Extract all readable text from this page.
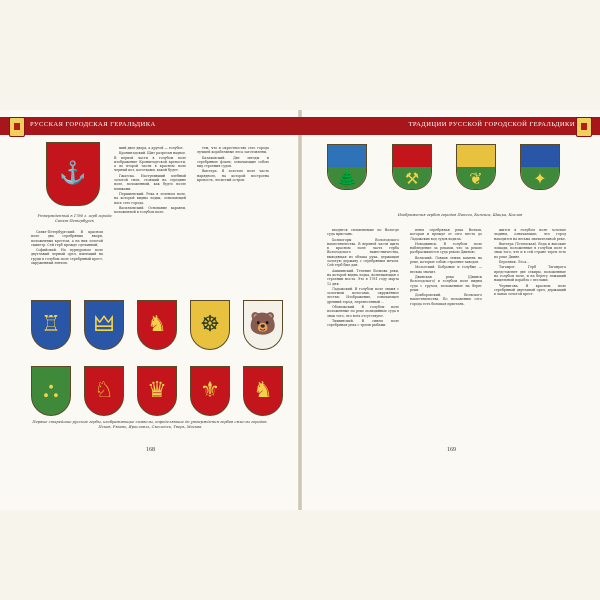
РУССКАЯ ГОРОДСКАЯ ГЕРАЛЬДИКА	ТРАДИЦИИ РУССКОЙ ГОРОДСКОЙ ГЕРАЛЬДИКИ
⚓
Утвержденный в 1780 г. герб города Санкт-Петербургъ

Санкт-Петербургский. В красном поле два серебряных якоря, положенных крестом, а на них золотой скипетр. Сей герб прежде сделанный;

Софийский. На пурпуровом поле двуглавый черный орел, имеющий на груди в голубом поле серебряный крест, окруженный лентою.

ший двое двора, а другой — голубое.

Кронштадский. Щит разрезан надвое. В первой части в голубом поле изображение Кронштадтской крепости, а во второй части в красном поле черный кот, коготками, какой будет.

Гжатска. Наступивший хлебный золотой сноп, стоящий на середине поле, положенный, как будто возле мешками.

Першиевский. Река в зеленом поле, на которой видны лодки, означающей пась сего города.

Васильевский. Основание каравеи, положенной в голубом поле.

тем, что в окрестностях сего города лучшей корабельные леса заготовлены.

Балаховский. Две звезды и серебряные флаги, означающие собою вид строения судов.

Вытегра. В золотом поле часть нарядного, на которой построена крепость, лесистый остров.

♖ 🜲 ♞ ☸ 🐻
⛬ ♘ ♛ ⚜ ♞
Первые старейшие русские гербы, изображающие символы, определявшие до утверждения гербов смыслы городов. Псков, Рязань, Ярославль, Смоленск, Тверь, Москва
168
🌲	⚒	❦	✦
Изображения гербов городов Пинеги, Кингиса, Шацка, Козлов

входятся сплавляемые по Вологде суда пристань.

Холмогоры Вологодского наместничества. В верхней части щита в красном поле часть герба Вологодского наместничества, выходящая из облака рука, держащая золотую державу с серебряным мечом. Сей герб был дан.

Ашшинский. Течение Волхова реки, на которой видна лодка, возвещающая о строении моста. Это в 1781 году марта 12 дня.

Ладожский. В голубом поле знамя с золотыми полосами, окружённое лестью. Изображение, означающее древний город, перенесенный ...

Обонежский. В голубом поле положенные по реке позицийные суда в знак того, что всех отсутствуют.

Тихвинский. В синем поле серебряная река с тремя рыбами.

пены серебряная река Волхов, которая и прежде от сего места до Ладожских вод судов ходила.

Новодвинск. В голубом поле наблюдение за реками, что за рекою разбрасываются суда рекою Двиною.

Вольский. Ловцов земли камень на реке, которые собою строение заводов.

Мологский. Бобровые и голубые — весьма значит.

Двинская река (Двинск Вологодского) в голубом поле видны суда с грузом, положенные на берег реки.

Доиборовский. Вольского наместничества. По положению сего города есть большая пристань.

жится в голубом поле золотые льдины, означающие, что город находится на весьма значительной реке.

Вытегра (Тотемская). Вода и высокие лошади, положенные в голубом поле в знак того, что и в сей стране торги есть по реке Двине.

Березник. Леса...

Таганрог. Герб Таганрога представляет две секиры, положенные на голубом поле, и на берегу лежащий нащельный корабль с веслами.

Чернигова. В красном поле серебряный двуглавый орел, держащий в лапах золотой крест.

169
